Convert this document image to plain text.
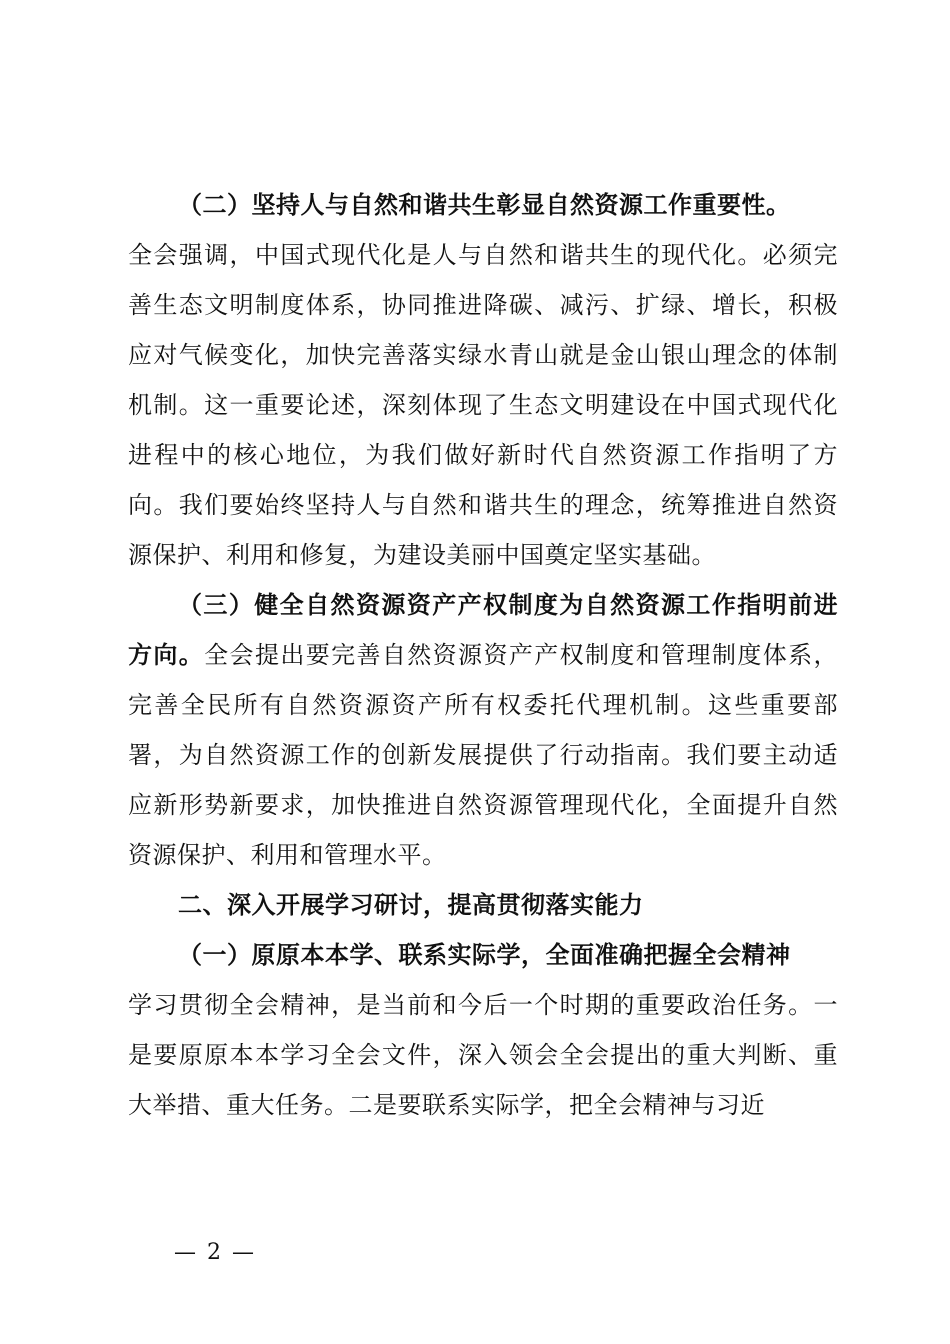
（二）坚持人与自然和谐共生彰显自然资源工作重要性。

全会强调，中国式现代化是人与自然和谐共生的现代化。必须完善生态文明制度体系，协同推进降碳、减污、扩绿、增长，积极应对气候变化，加快完善落实绿水青山就是金山银山理念的体制机制。这一重要论述，深刻体现了生态文明建设在中国式现代化进程中的核心地位，为我们做好新时代自然资源工作指明了方向。我们要始终坚持人与自然和谐共生的理念，统筹推进自然资源保护、利用和修复，为建设美丽中国奠定坚实基础。

（三）健全自然资源资产产权制度为自然资源工作指明前进方向。全会提出要完善自然资源资产产权制度和管理制度体系，完善全民所有自然资源资产所有权委托代理机制。这些重要部署，为自然资源工作的创新发展提供了行动指南。我们要主动适应新形势新要求，加快推进自然资源管理现代化，全面提升自然资源保护、利用和管理水平。

二、深入开展学习研讨，提高贯彻落实能力

（一）原原本本学、联系实际学，全面准确把握全会精神

学习贯彻全会精神，是当前和今后一个时期的重要政治任务。一是要原原本本学习全会文件，深入领会全会提出的重大判断、重大举措、重大任务。二是要联系实际学，把全会精神与习近

— 2 —
